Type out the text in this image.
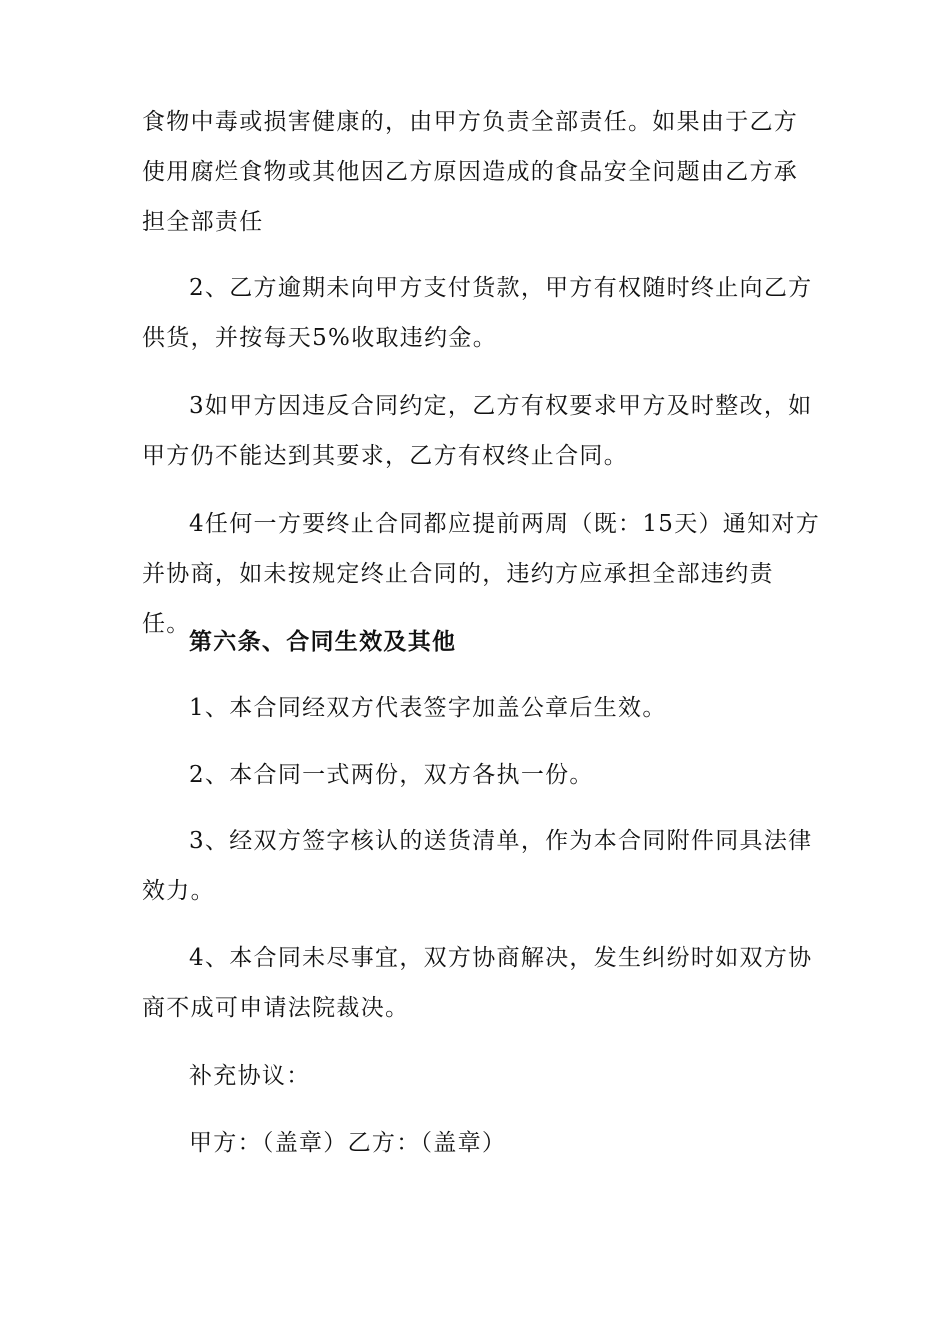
食物中毒或损害健康的，由甲方负责全部责任。如果由于乙方使用腐烂食物或其他因乙方原因造成的食品安全问题由乙方承担全部责任

2、乙方逾期未向甲方支付货款，甲方有权随时终止向乙方供货，并按每天5%收取违约金。

3如甲方因违反合同约定，乙方有权要求甲方及时整改，如甲方仍不能达到其要求，乙方有权终止合同。

4任何一方要终止合同都应提前两周（既：15天）通知对方并协商，如未按规定终止合同的，违约方应承担全部违约责任。

第六条、合同生效及其他

1、本合同经双方代表签字加盖公章后生效。

2、本合同一式两份，双方各执一份。

3、经双方签字核认的送货清单，作为本合同附件同具法律效力。

4、本合同未尽事宜，双方协商解决，发生纠纷时如双方协商不成可申请法院裁决。

补充协议：

甲方：（盖章）乙方：（盖章）
